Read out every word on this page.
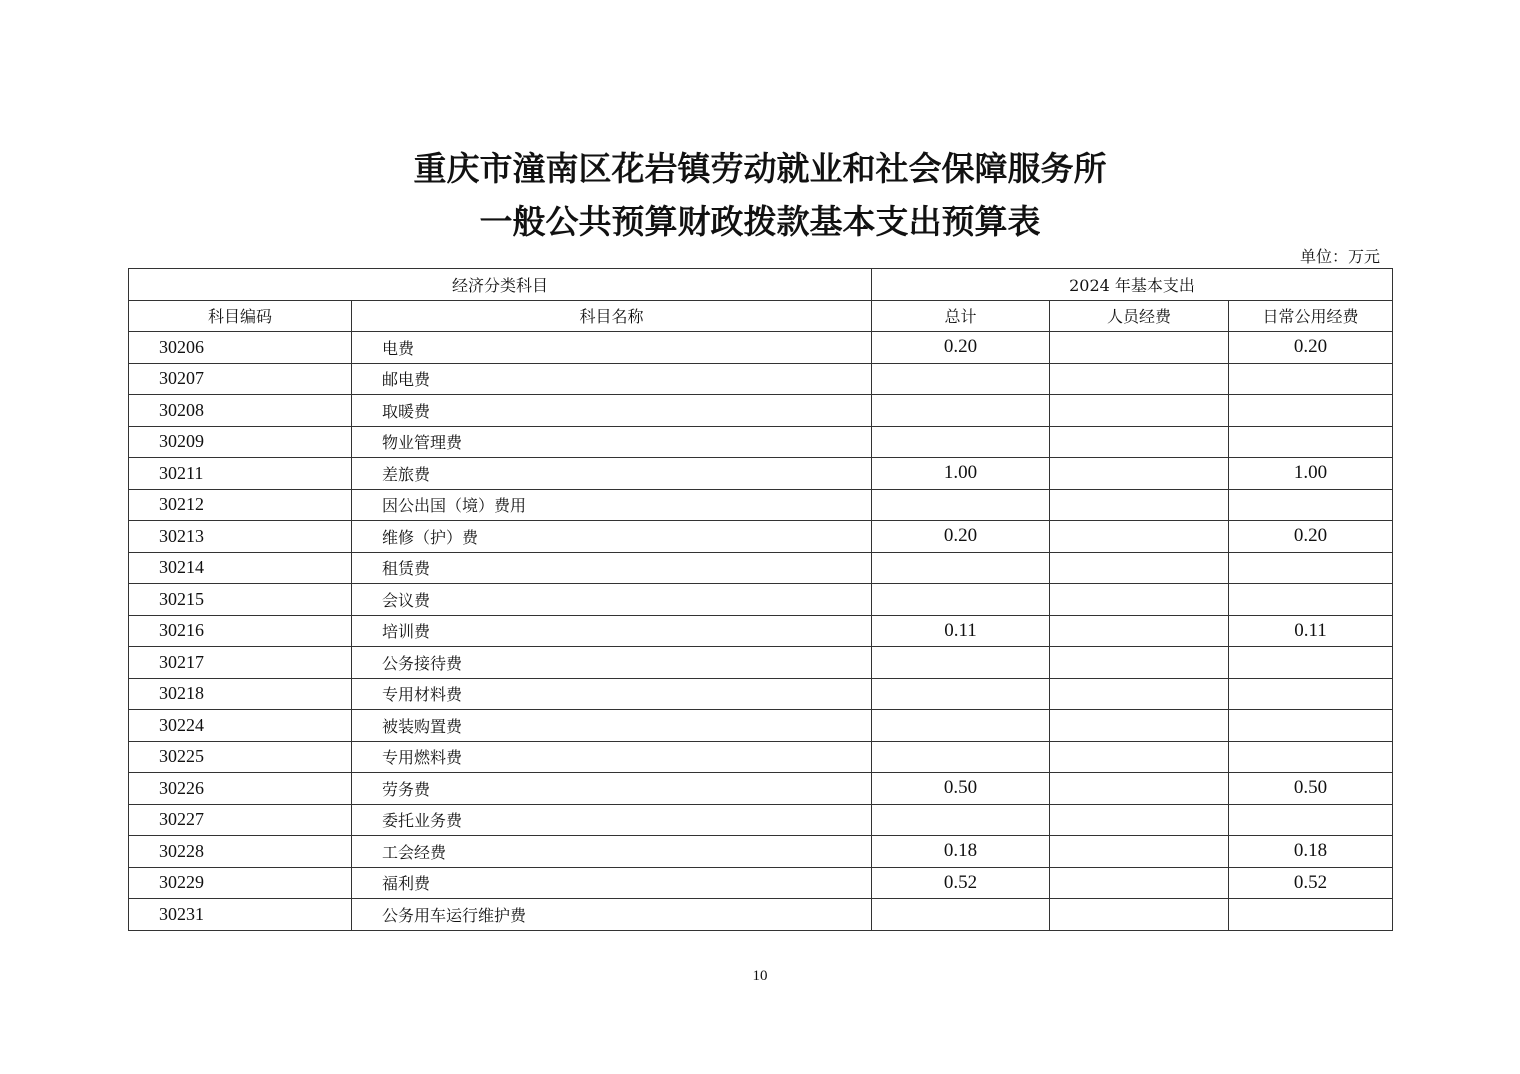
重庆市潼南区花岩镇劳动就业和社会保障服务所
一般公共预算财政拨款基本支出预算表
单位：万元
经济分类科目		2024 年基本支出		
科目编码	科目名称	总计	人员经费	日常公用经费
30206	电费	0.20		0.20
30207	邮电费			
30208	取暖费			
30209	物业管理费			
30211	差旅费	1.00		1.00
30212	因公出国（境）费用			
30213	维修（护）费	0.20		0.20
30214	租赁费			
30215	会议费			
30216	培训费	0.11		0.11
30217	公务接待费			
30218	专用材料费			
30224	被装购置费			
30225	专用燃料费			
30226	劳务费	0.50		0.50
30227	委托业务费			
30228	工会经费	0.18		0.18
30229	福利费	0.52		0.52
30231	公务用车运行维护费			
10
